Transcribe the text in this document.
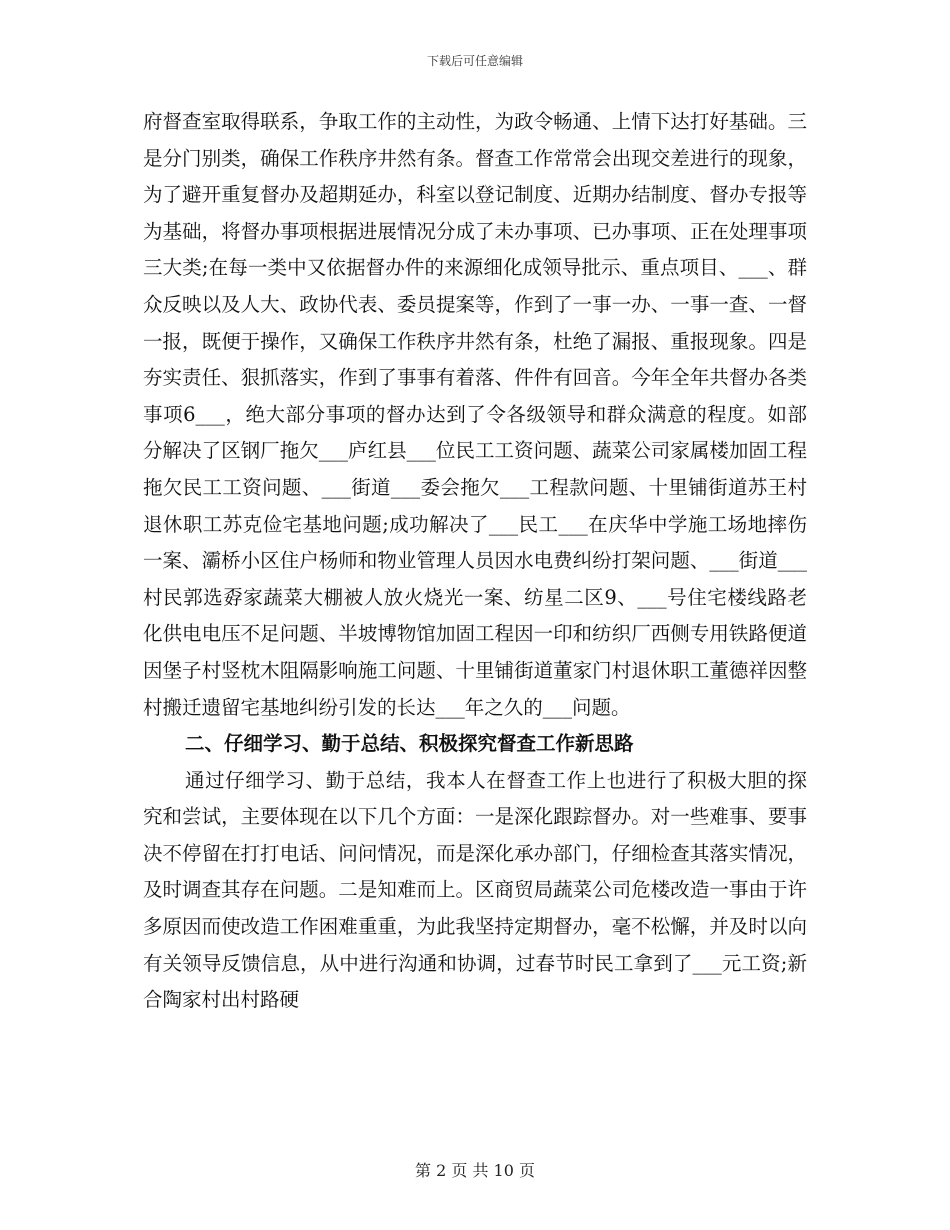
下载后可任意编辑

府督查室取得联系，争取工作的主动性，为政令畅通、上情下达打好基础。三是分门别类，确保工作秩序井然有条。督查工作常常会出现交差进行的现象，为了避开重复督办及超期延办，科室以登记制度、近期办结制度、督办专报等为基础，将督办事项根据进展情况分成了未办事项、已办事项、正在处理事项三大类;在每一类中又依据督办件的来源细化成领导批示、重点项目、___、群众反映以及人大、政协代表、委员提案等，作到了一事一办、一事一查、一督一报，既便于操作，又确保工作秩序井然有条，杜绝了漏报、重报现象。四是夯实责任、狠抓落实，作到了事事有着落、件件有回音。今年全年共督办各类事项6___，绝大部分事项的督办达到了令各级领导和群众满意的程度。如部分解决了区钢厂拖欠___庐红县___位民工工资问题、蔬菜公司家属楼加固工程拖欠民工工资问题、___街道___委会拖欠___工程款问题、十里铺街道苏王村退休职工苏克俭宅基地问题;成功解决了___民工___在庆华中学施工场地摔伤一案、灞桥小区住户杨师和物业管理人员因水电费纠纷打架问题、___街道___村民郭选孬家蔬菜大棚被人放火烧光一案、纺星二区9、___号住宅楼线路老化供电电压不足问题、半坡博物馆加固工程因一印和纺织厂西侧专用铁路便道因堡子村竖枕木阻隔影响施工问题、十里铺街道董家门村退休职工董德祥因整村搬迁遗留宅基地纠纷引发的长达___年之久的___问题。

二、仔细学习、勤于总结、积极探究督查工作新思路

通过仔细学习、勤于总结，我本人在督查工作上也进行了积极大胆的探究和尝试，主要体现在以下几个方面：一是深化跟踪督办。对一些难事、要事决不停留在打打电话、问问情况，而是深化承办部门，仔细检查其落实情况，及时调查其存在问题。二是知难而上。区商贸局蔬菜公司危楼改造一事由于许多原因而使改造工作困难重重，为此我坚持定期督办，毫不松懈，并及时以向有关领导反馈信息，从中进行沟通和协调，过春节时民工拿到了___元工资;新合陶家村出村路硬

第 2 页 共 10 页
